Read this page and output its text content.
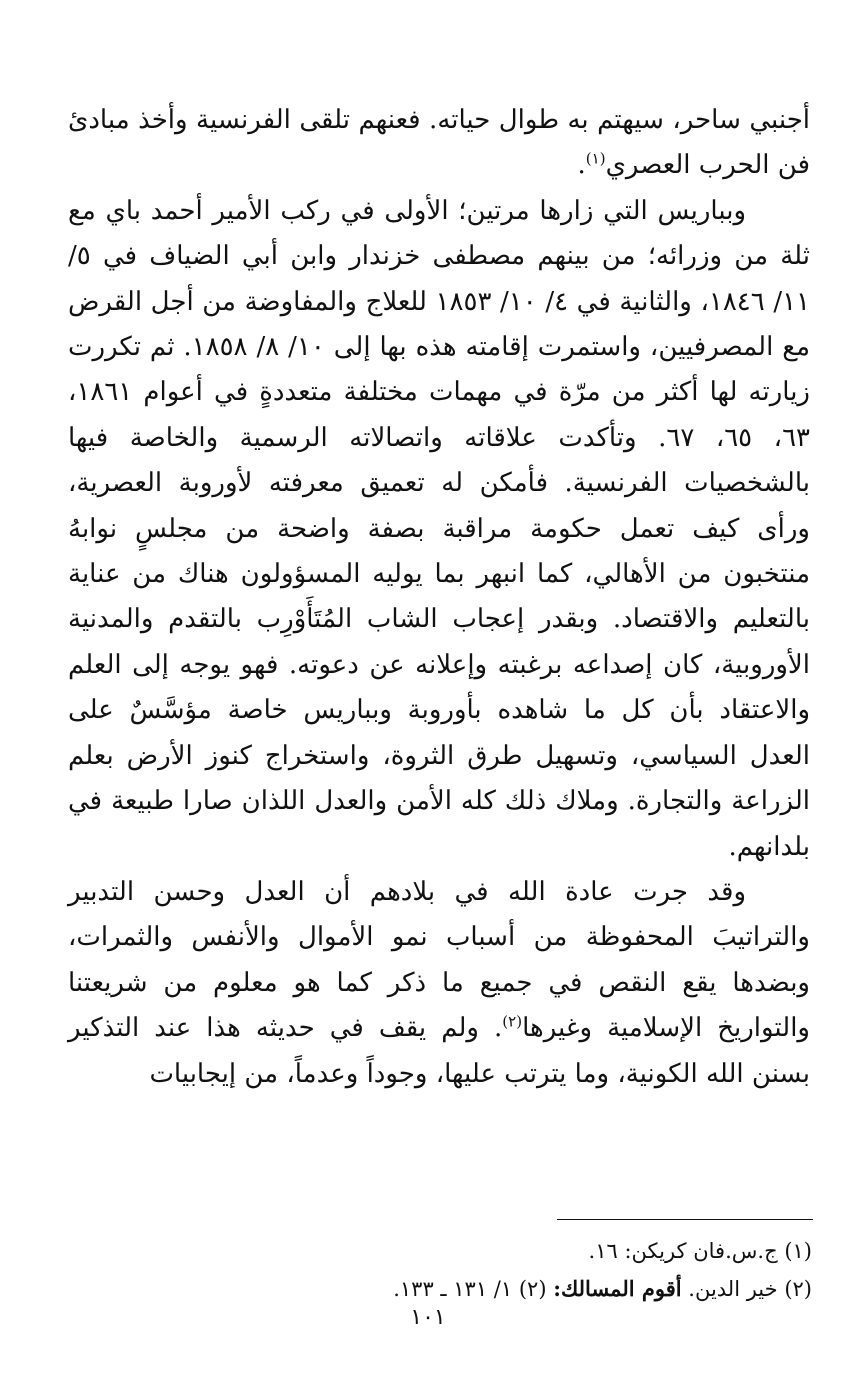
أجنبي ساحر، سيهتم به طوال حياته. فعنهم تلقى الفرنسية وأخذ مبادئ فن الحرب العصري$^{(١)}$.

وبباريس التي زارها مرتين؛ الأولى في ركب الأمير أحمد باي مع ثلة من وزرائه؛ من بينهم مصطفى خزندار وابن أبي الضياف في ٥/ ١١/ ١٨٤٦، والثانية في ٤/ ١٠/ ١٨٥٣ للعلاج والمفاوضة من أجل القرض مع المصرفيين، واستمرت إقامته هذه بها إلى ١٠/ ٨/ ١٨٥٨. ثم تكررت زيارته لها أكثر من مرّة في مهمات مختلفة متعددةٍ في أعوام ١٨٦١، ٦٣، ٦٥، ٦٧. وتأكدت علاقاته واتصالاته الرسمية والخاصة فيها بالشخصيات الفرنسية. فأمكن له تعميق معرفته لأوروبة العصرية، ورأى كيف تعمل حكومة مراقبة بصفة واضحة من مجلسٍ نوابهُ منتخبون من الأهالي، كما انبهر بما يوليه المسؤولون هناك من عناية بالتعليم والاقتصاد. وبقدر إعجاب الشاب المُتَأَوْرِب بالتقدم والمدنية الأوروبية، كان إصداعه برغبته وإعلانه عن دعوته. فهو يوجه إلى العلم والاعتقاد بأن كل ما شاهده بأوروبة وبباريس خاصة مؤسَّسٌ على العدل السياسي، وتسهيل طرق الثروة، واستخراج كنوز الأرض بعلم الزراعة والتجارة. وملاك ذلك كله الأمن والعدل اللذان صارا طبيعة في بلدانهم.

وقد جرت عادة الله في بلادهم أن العدل وحسن التدبير والتراتيبَ المحفوظة من أسباب نمو الأموال والأنفس والثمرات، وبضدها يقع النقص في جميع ما ذكر كما هو معلوم من شريعتنا والتواريخ الإسلامية وغيرها$^{(٢)}$. ولم يقف في حديثه هذا عند التذكير بسنن الله الكونية، وما يترتب عليها، وجوداً وعدماً، من إيجابيات

(١) ج.س.فان كريكن: ١٦.

(٢) خير الدين. أقوم المسالك: (٢) ١/ ١٣١ ـ ١٣٣.

١٠١
